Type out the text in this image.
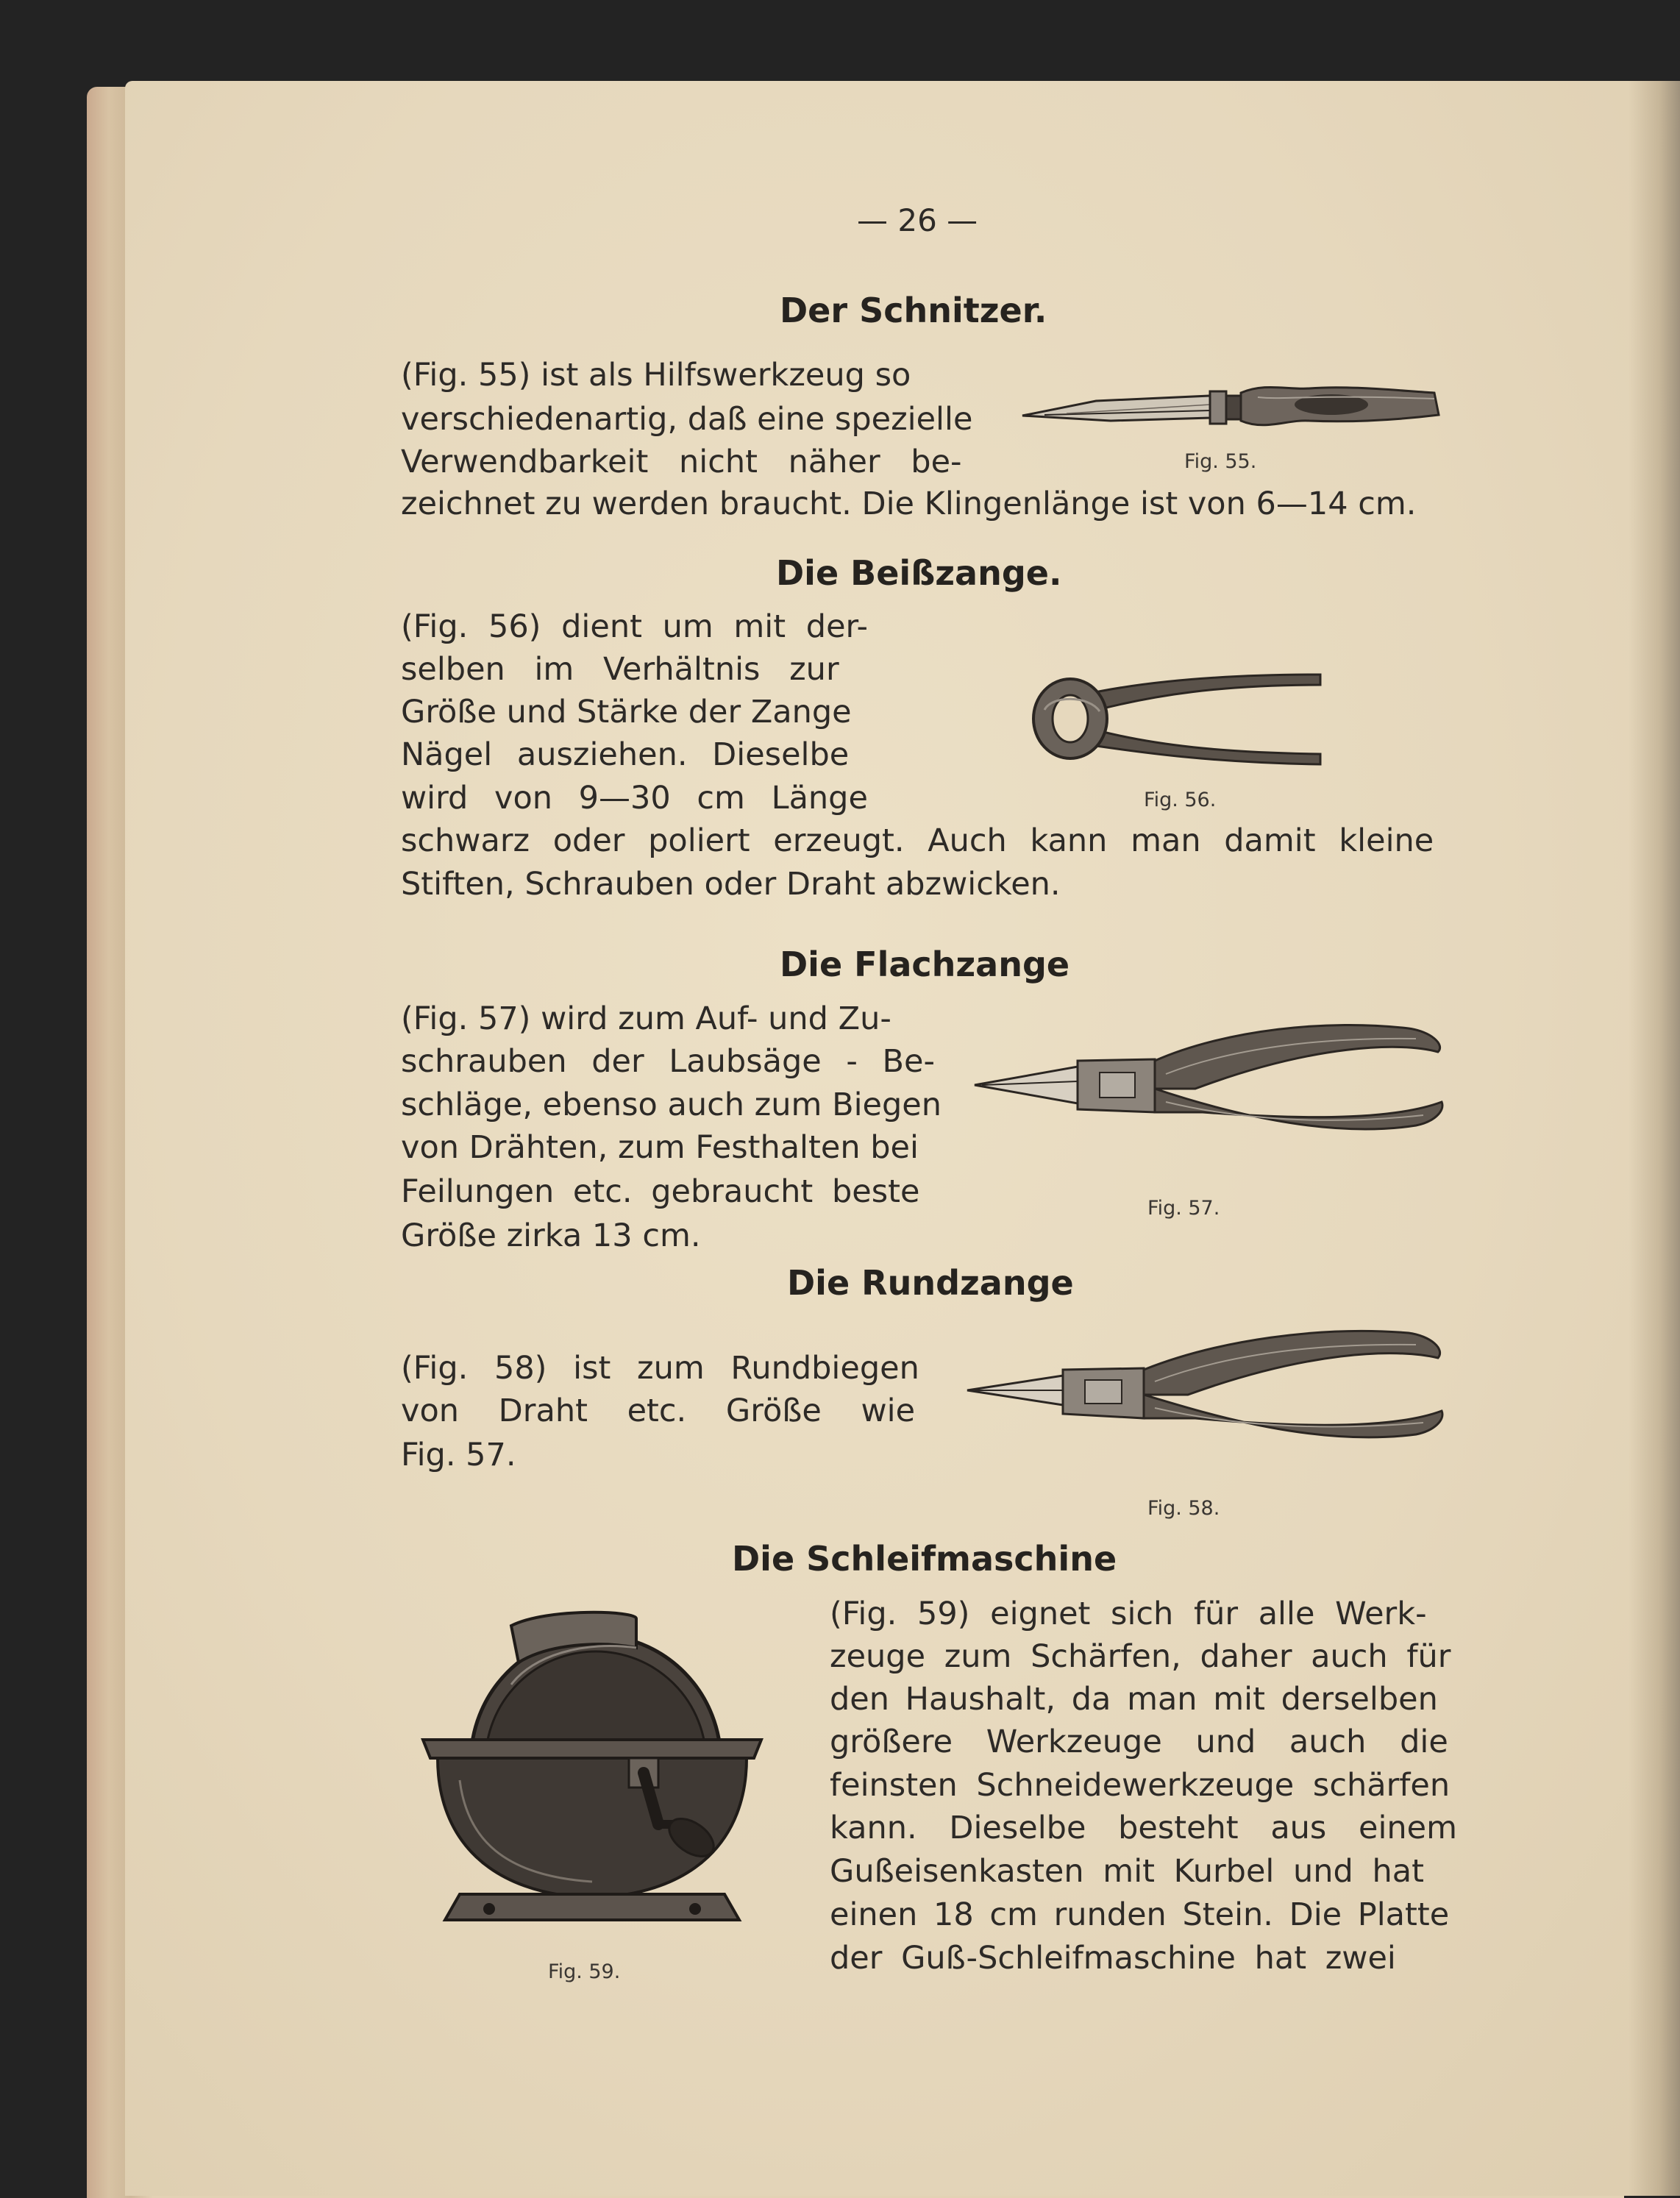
— 26 —
Der Schnitzer.
(Fig. 55) ist als Hilfswerkzeug so
verschiedenartig, daß eine spezielle
Verwendbarkeit nicht näher be-
zeichnet zu werden braucht. Die Klingenlänge ist von 6—14 cm.
Fig. 55.
Die Beißzange.
(Fig. 56) dient um mit der-
selben im Verhältnis zur
Größe und Stärke der Zange
Nägel ausziehen. Dieselbe
wird von 9—30 cm Länge
schwarz oder poliert erzeugt. Auch kann man damit kleine
Stiften, Schrauben oder Draht abzwicken.
Fig. 56.
Die Flachzange
(Fig. 57) wird zum Auf- und Zu-
schrauben der Laubsäge - Be-
schläge, ebenso auch zum Biegen
von Drähten, zum Festhalten bei
Feilungen etc. gebraucht beste
Größe zirka 13 cm.
Fig. 57.
Die Rundzange
(Fig. 58) ist zum Rundbiegen
von Draht etc. Größe wie
Fig. 57.
Fig. 58.
Die Schleifmaschine
(Fig. 59) eignet sich für alle Werk-
zeuge zum Schärfen, daher auch für
den Haushalt, da man mit derselben
größere Werkzeuge und auch die
feinsten Schneidewerkzeuge schärfen
kann. Dieselbe besteht aus einem
Gußeisenkasten mit Kurbel und hat
einen 18 cm runden Stein. Die Platte
der Guß-Schleifmaschine hat zwei
Fig. 59.
